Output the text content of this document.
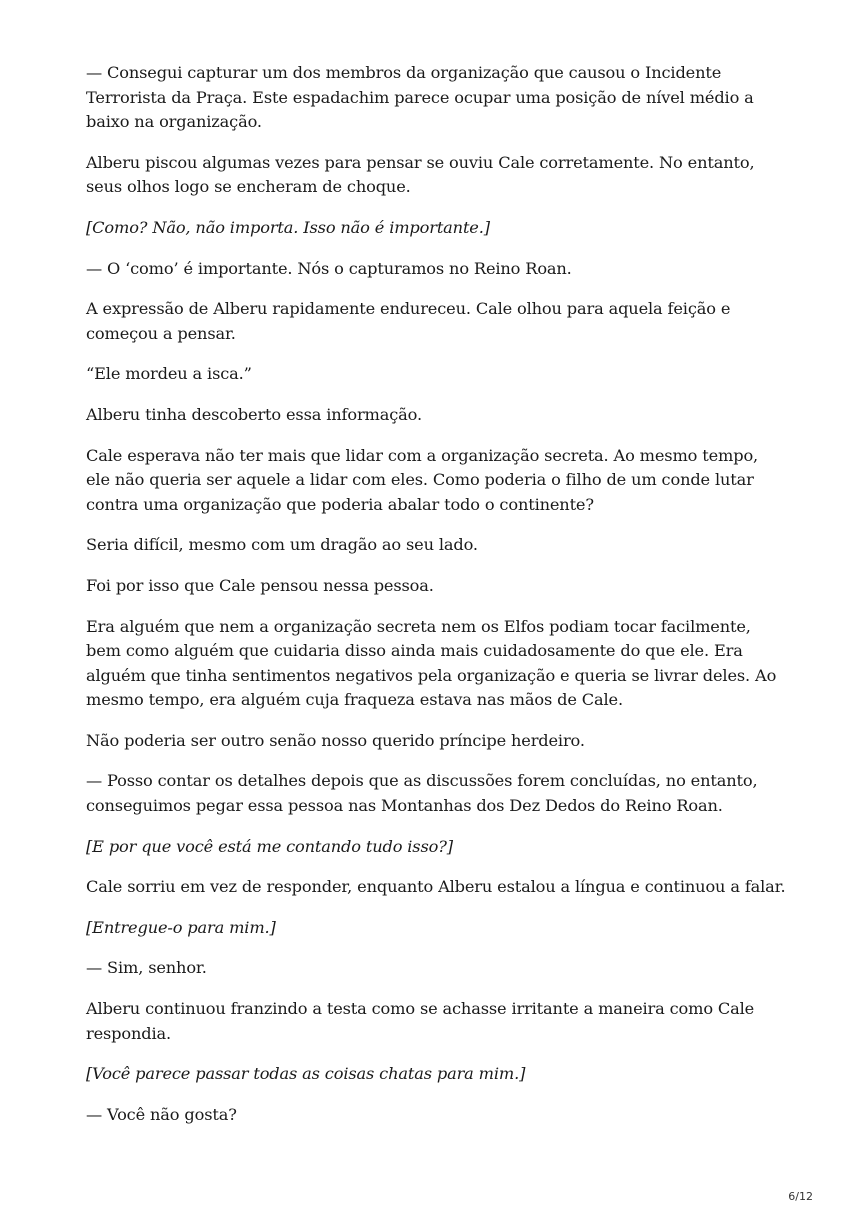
— Consegui capturar um dos membros da organização que causou o Incidente Terrorista da Praça. Este espadachim parece ocupar uma posição de nível médio a baixo na organização.

Alberu piscou algumas vezes para pensar se ouviu Cale corretamente. No entanto, seus olhos logo se encheram de choque.

[Como? Não, não importa. Isso não é importante.]

— O ‘como’ é importante. Nós o capturamos no Reino Roan.

A expressão de Alberu rapidamente endureceu. Cale olhou para aquela feição e começou a pensar.

“Ele mordeu a isca.”

Alberu tinha descoberto essa informação.

Cale esperava não ter mais que lidar com a organização secreta. Ao mesmo tempo, ele não queria ser aquele a lidar com eles. Como poderia o filho de um conde lutar contra uma organização que poderia abalar todo o continente?

Seria difícil, mesmo com um dragão ao seu lado.

Foi por isso que Cale pensou nessa pessoa.

Era alguém que nem a organização secreta nem os Elfos podiam tocar facilmente, bem como alguém que cuidaria disso ainda mais cuidadosamente do que ele. Era alguém que tinha sentimentos negativos pela organização e queria se livrar deles. Ao mesmo tempo, era alguém cuja fraqueza estava nas mãos de Cale.

Não poderia ser outro senão nosso querido príncipe herdeiro.

— Posso contar os detalhes depois que as discussões forem concluídas, no entanto, conseguimos pegar essa pessoa nas Montanhas dos Dez Dedos do Reino Roan.

[E por que você está me contando tudo isso?]

Cale sorriu em vez de responder, enquanto Alberu estalou a língua e continuou a falar.

[Entregue-o para mim.]

— Sim, senhor.

Alberu continuou franzindo a testa como se achasse irritante a maneira como Cale respondia.

[Você parece passar todas as coisas chatas para mim.]

— Você não gosta?

6/12
